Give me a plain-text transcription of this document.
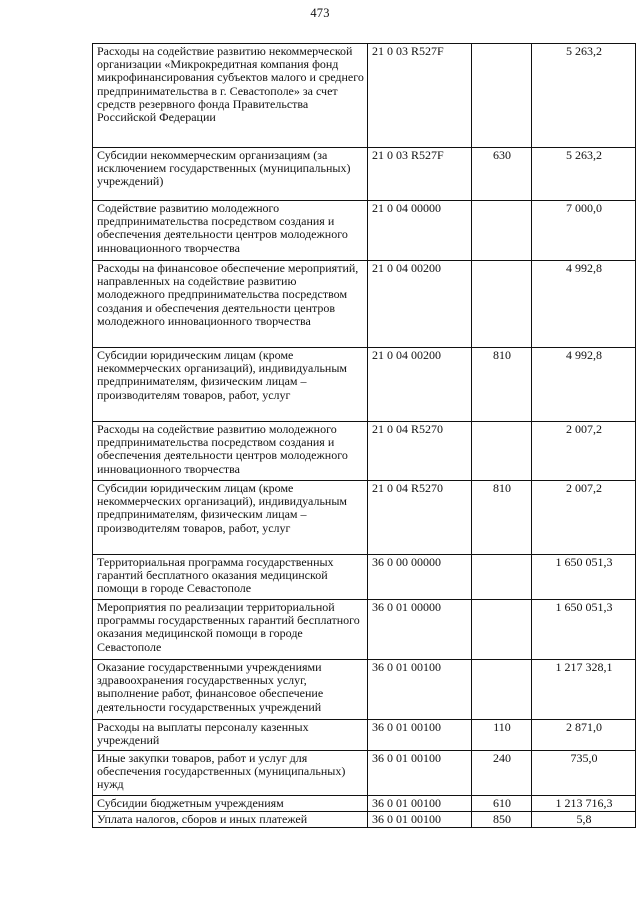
473
Расходы на содействие развитию некоммерческой организации «Микрокредитная компания фонд микрофинансирования субъектов малого и среднего предпринимательства в г. Севастополе» за счет средств резервного фонда Правительства Российской Федерации	21 0 03 R527F		5 263,2
Субсидии некоммерческим организациям (за исключением государственных (муниципальных) учреждений)	21 0 03 R527F	630	5 263,2
Содействие развитию молодежного предпринимательства посредством создания и обеспечения деятельности центров молодежного инновационного творчества	21 0 04 00000		7 000,0
Расходы на финансовое обеспечение мероприятий, направленных на содействие развитию молодежного предпринимательства посредством создания и обеспечения деятельности центров молодежного инновационного творчества	21 0 04 00200		4 992,8
Субсидии юридическим лицам (кроме некоммерческих организаций), индивидуальным предпринимателям, физическим лицам – производителям товаров, работ, услуг	21 0 04 00200	810	4 992,8
Расходы на содействие развитию молодежного предпринимательства посредством создания и обеспечения деятельности центров молодежного инновационного творчества	21 0 04 R5270		2 007,2
Субсидии юридическим лицам (кроме некоммерческих организаций), индивидуальным предпринимателям, физическим лицам – производителям товаров, работ, услуг	21 0 04 R5270	810	2 007,2
Территориальная программа государственных гарантий бесплатного оказания медицинской помощи в городе Севастополе	36 0 00 00000		1 650 051,3
Мероприятия по реализации территориальной программы государственных гарантий бесплатного оказания медицинской помощи в городе Севастополе	36 0 01 00000		1 650 051,3
Оказание государственными учреждениями здравоохранения государственных услуг, выполнение работ, финансовое обеспечение деятельности государственных учреждений	36 0 01 00100		1 217 328,1
Расходы на выплаты персоналу казенных учреждений	36 0 01 00100	110	2 871,0
Иные закупки товаров, работ и услуг для обеспечения государственных (муниципальных) нужд	36 0 01 00100	240	735,0
Субсидии бюджетным учреждениям	36 0 01 00100	610	1 213 716,3
Уплата налогов, сборов и иных платежей	36 0 01 00100	850	5,8
